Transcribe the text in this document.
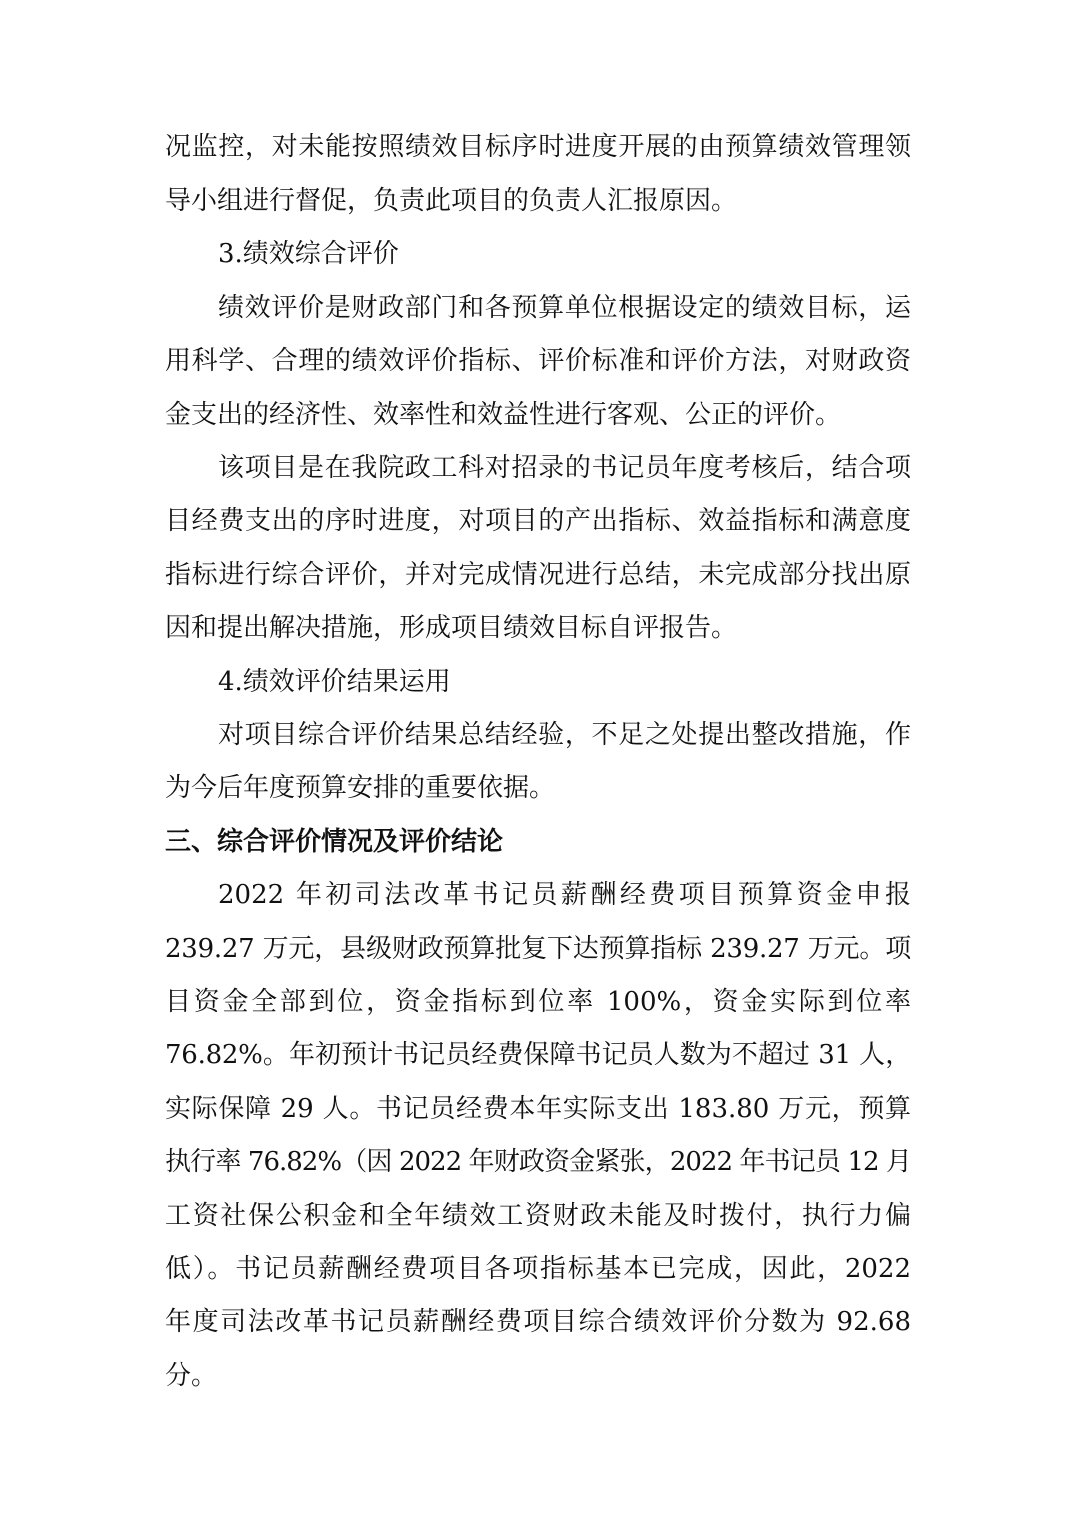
况监控，对未能按照绩效目标序时进度开展的由预算绩效管理领
导小组进行督促，负责此项目的负责人汇报原因。
3.绩效综合评价
绩效评价是财政部门和各预算单位根据设定的绩效目标，运
用科学、合理的绩效评价指标、评价标准和评价方法，对财政资
金支出的经济性、效率性和效益性进行客观、公正的评价。
该项目是在我院政工科对招录的书记员年度考核后，结合项
目经费支出的序时进度，对项目的产出指标、效益指标和满意度
指标进行综合评价，并对完成情况进行总结，未完成部分找出原
因和提出解决措施，形成项目绩效目标自评报告。
4.绩效评价结果运用
对项目综合评价结果总结经验，不足之处提出整改措施，作
为今后年度预算安排的重要依据。
三、综合评价情况及评价结论
2022 年初司法改革书记员薪酬经费项目预算资金申报
239.27 万元，县级财政预算批复下达预算指标 239.27 万元。项
目资金全部到位，资金指标到位率 100%，资金实际到位率
76.82%。年初预计书记员经费保障书记员人数为不超过 31 人，
实际保障 29 人。书记员经费本年实际支出 183.80 万元，预算
执行率 76.82%（因 2022 年财政资金紧张，2022 年书记员 12 月
工资社保公积金和全年绩效工资财政未能及时拨付，执行力偏
低）。书记员薪酬经费项目各项指标基本已完成，因此，2022
年度司法改革书记员薪酬经费项目综合绩效评价分数为 92.68
分。
